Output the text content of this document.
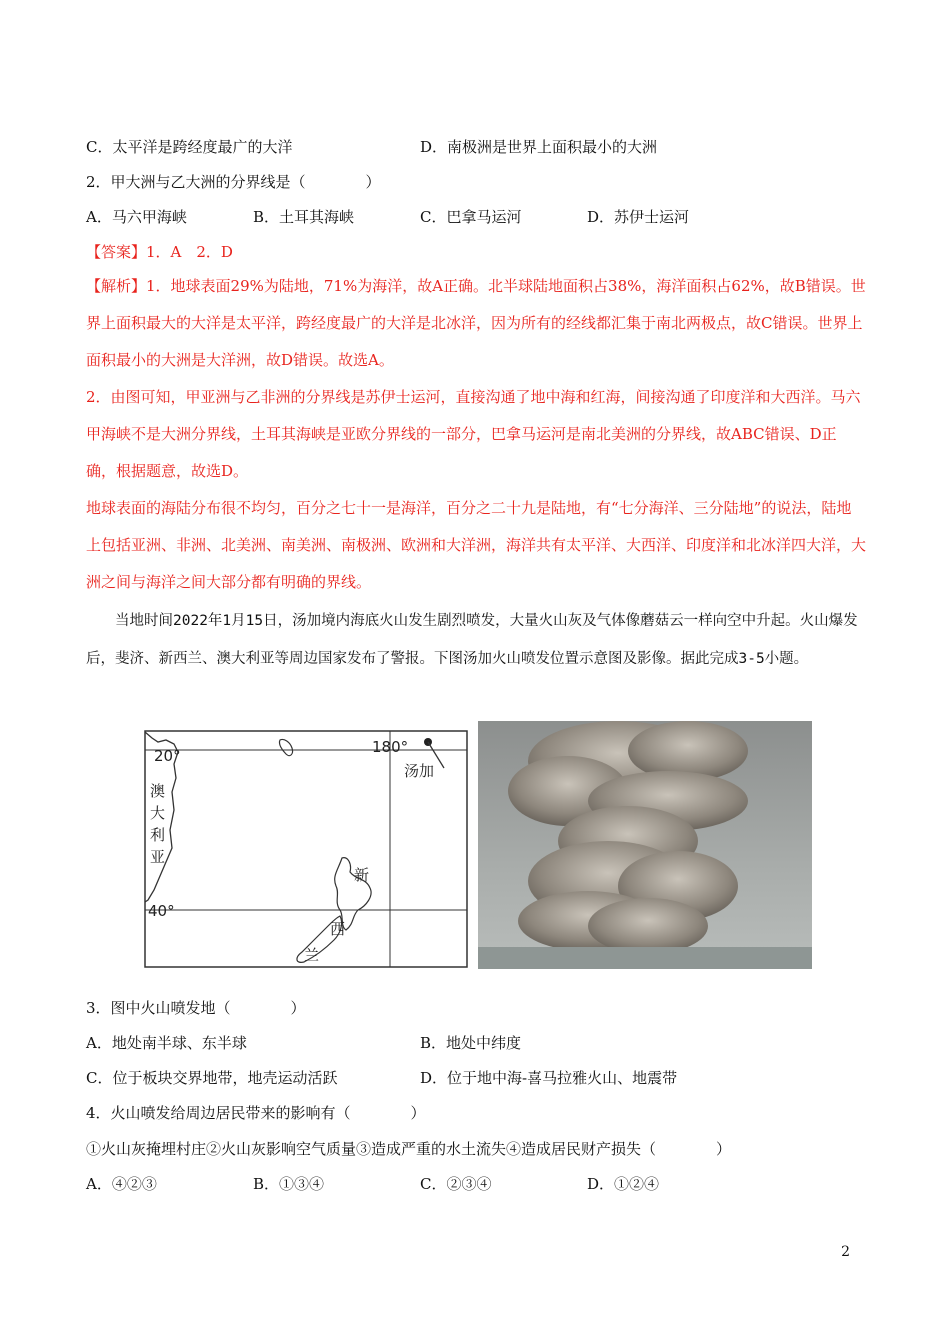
C．太平洋是跨经度最广的大洋	D．南极洲是世界上面积最小的大洲
2．甲大洲与乙大洲的分界线是（　　　　）
A．马六甲海峡	B．土耳其海峡	C．巴拿马运河	D．苏伊士运河
【答案】1．A　2．D
【解析】1．地球表面29%为陆地，71%为海洋，故A正确。北半球陆地面积占38%，海洋面积占62%，故B错误。世界上面积最大的大洋是太平洋，跨经度最广的大洋是北冰洋，因为所有的经线都汇集于南北两极点，故C错误。世界上面积最小的大洲是大洋洲，故D错误。故选A。
2．由图可知，甲亚洲与乙非洲的分界线是苏伊士运河，直接沟通了地中海和红海，间接沟通了印度洋和大西洋。马六甲海峡不是大洲分界线，土耳其海峡是亚欧分界线的一部分，巴拿马运河是南北美洲的分界线，故ABC错误、D正确，根据题意，故选D。
地球表面的海陆分布很不均匀，百分之七十一是海洋，百分之二十九是陆地，有“七分海洋、三分陆地”的说法，陆地上包括亚洲、非洲、北美洲、南美洲、南极洲、欧洲和大洋洲，海洋共有太平洋、大西洋、印度洋和北冰洋四大洋，大洲之间与海洋之间大部分都有明确的界线。
当地时间2022年1月15日，汤加境内海底火山发生剧烈喷发，大量火山灰及气体像蘑菇云一样向空中升起。火山爆发后，斐济、新西兰、澳大利亚等周边国家发布了警报。下图汤加火山喷发位置示意图及影像。据此完成3-5小题。
20°
40°
180°
汤加
澳
大
利
亚
新
西
兰
3．图中火山喷发地（　　　　）
A．地处南半球、东半球	B．地处中纬度
C．位于板块交界地带，地壳运动活跃	D．位于地中海-喜马拉雅火山、地震带
4．火山喷发给周边居民带来的影响有（　　　　）
①火山灰掩埋村庄②火山灰影响空气质量③造成严重的水土流失④造成居民财产损失（　　　　）
A．④②③	B．①③④	C．②③④	D．①②④
2
